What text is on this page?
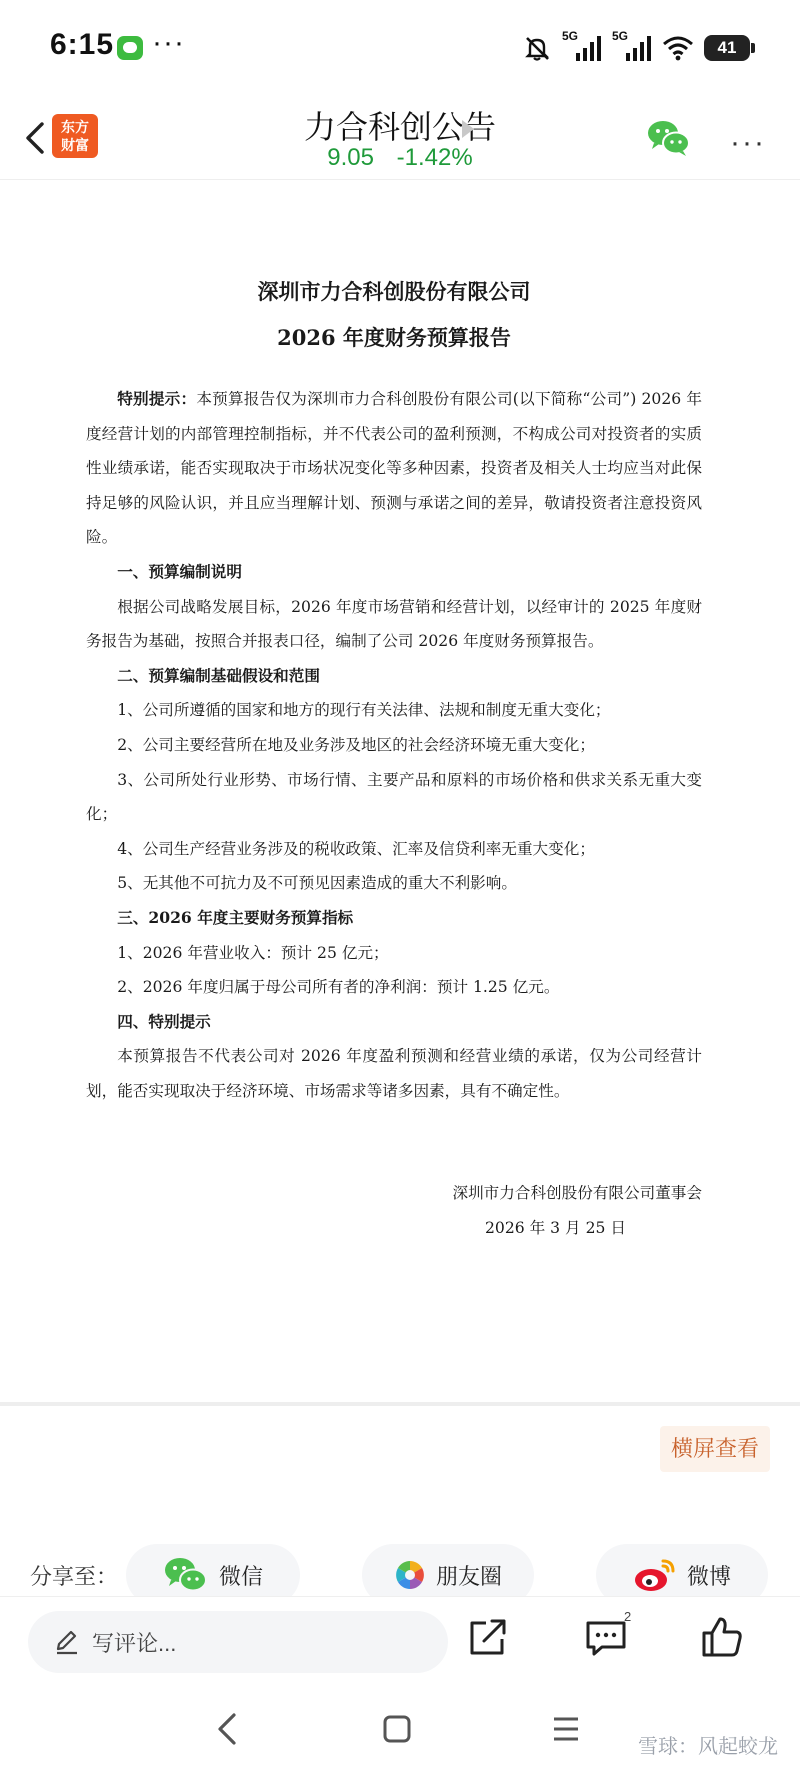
6:15 ···	5G	5G
41
力合科创公告
9.05 -1.42%
东方
财富	···
深圳市力合科创股份有限公司
2026 年度财务预算报告

特别提示：本预算报告仅为深圳市力合科创股份有限公司(以下简称“公司”) 2026 年度经营计划的内部管理控制指标，并不代表公司的盈利预测，不构成公司对投资者的实质性业绩承诺，能否实现取决于市场状况变化等多种因素，投资者及相关人士均应当对此保持足够的风险认识，并且应当理解计划、预测与承诺之间的差异，敬请投资者注意投资风险。

一、预算编制说明

根据公司战略发展目标，2026 年度市场营销和经营计划，以经审计的 2025 年度财务报告为基础，按照合并报表口径，编制了公司 2026 年度财务预算报告。

二、预算编制基础假设和范围

1、公司所遵循的国家和地方的现行有关法律、法规和制度无重大变化；

2、公司主要经营所在地及业务涉及地区的社会经济环境无重大变化；

3、公司所处行业形势、市场行情、主要产品和原料的市场价格和供求关系无重大变化；

4、公司生产经营业务涉及的税收政策、汇率及信贷利率无重大变化；

5、无其他不可抗力及不可预见因素造成的重大不利影响。

三、2026 年度主要财务预算指标

1、2026 年营业收入：预计 25 亿元；

2、2026 年度归属于母公司所有者的净利润：预计 1.25 亿元。

四、特别提示

本预算报告不代表公司对 2026 年度盈利预测和经营业绩的承诺，仅为公司经营计划，能否实现取决于经济环境、市场需求等诸多因素，具有不确定性。

深圳市力合科创股份有限公司董事会
2026 年 3 月 25 日
横屏查看
分享至：	微信	朋友圈	微博
写评论...
2
雪球：风起蛟龙
